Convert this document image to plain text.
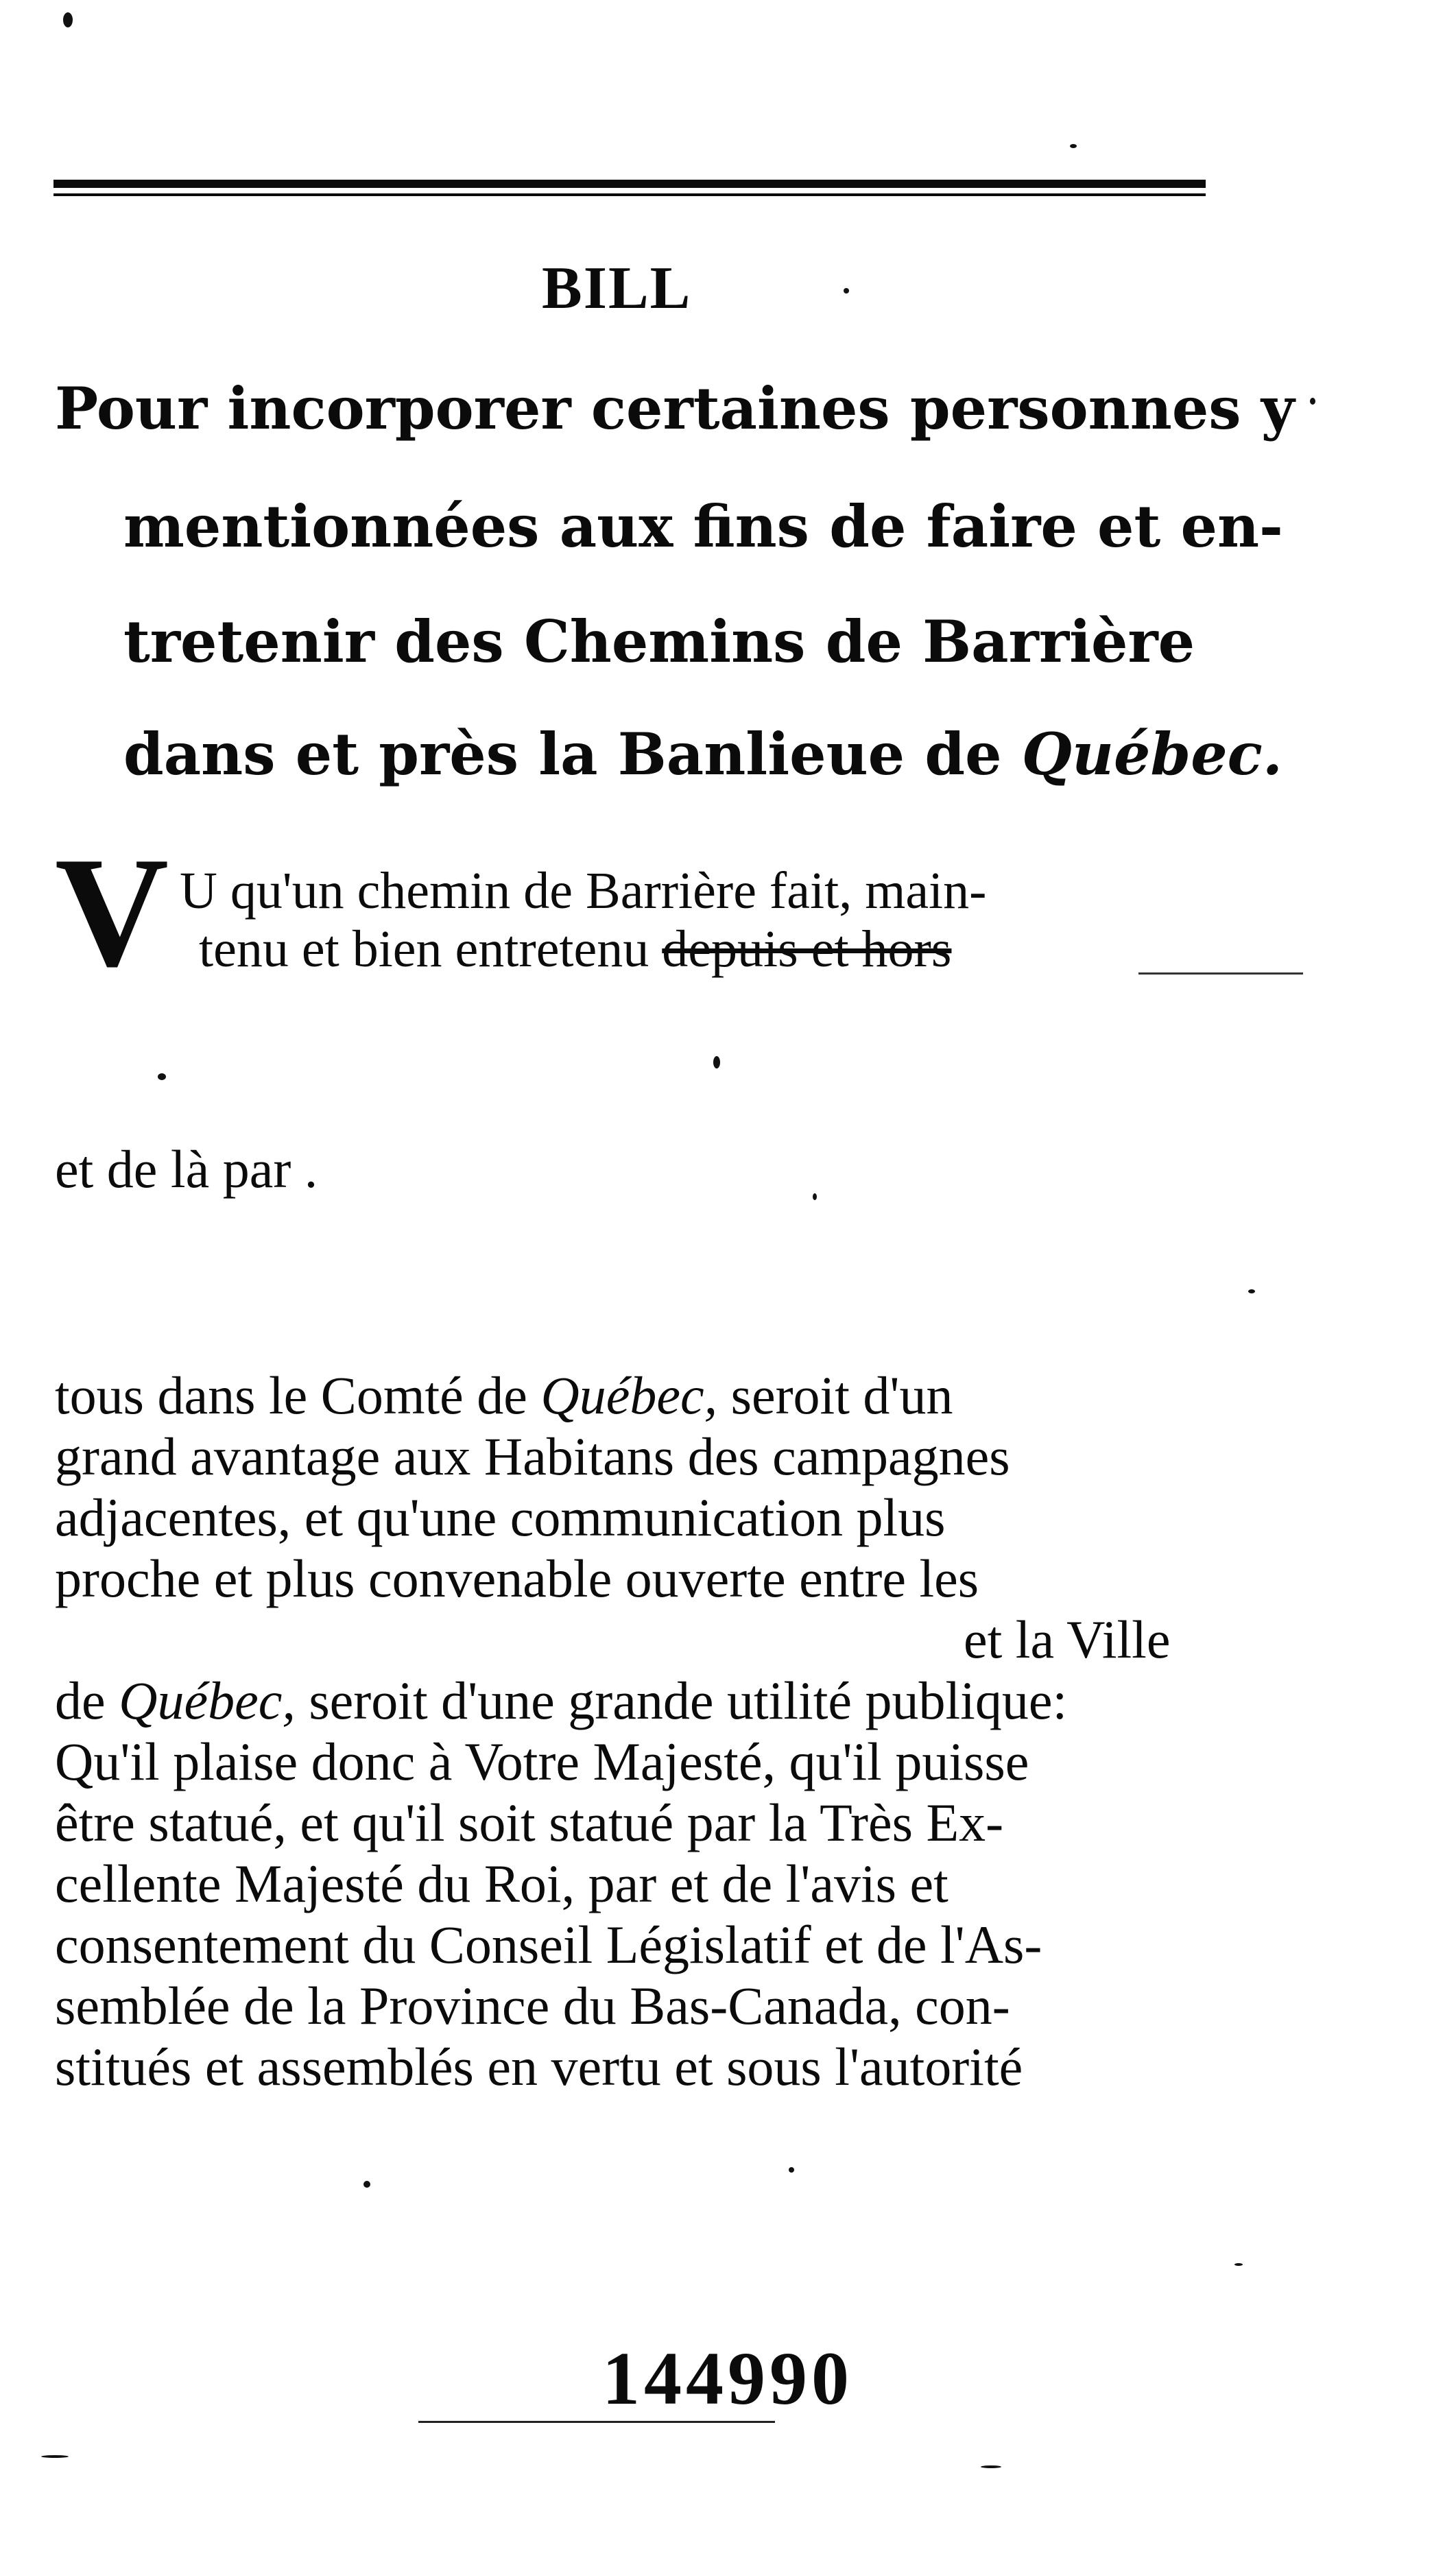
BILL
Pour incorporer certaines personnes y
mentionnées aux fins de faire et en-
tretenir des Chemins de Barrière
dans et près la Banlieue de Québec.
V U qu'un chemin de Barrière fait, main-
tenu et bien entretenu depuis et hors
et de là par .
tous dans le Comté de Québec, seroit d'un
grand avantage aux Habitans des campagnes
adjacentes, et qu'une communication plus
proche et plus convenable ouverte entre les
et la Ville
de Québec, seroit d'une grande utilité publique:
Qu'il plaise donc à Votre Majesté, qu'il puisse
être statué, et qu'il soit statué par la Très Ex-
cellente Majesté du Roi, par et de l'avis et
consentement du Conseil Législatif et de l'As-
semblée de la Province du Bas-Canada, con-
stitués et assemblés en vertu et sous l'autorité
144990
